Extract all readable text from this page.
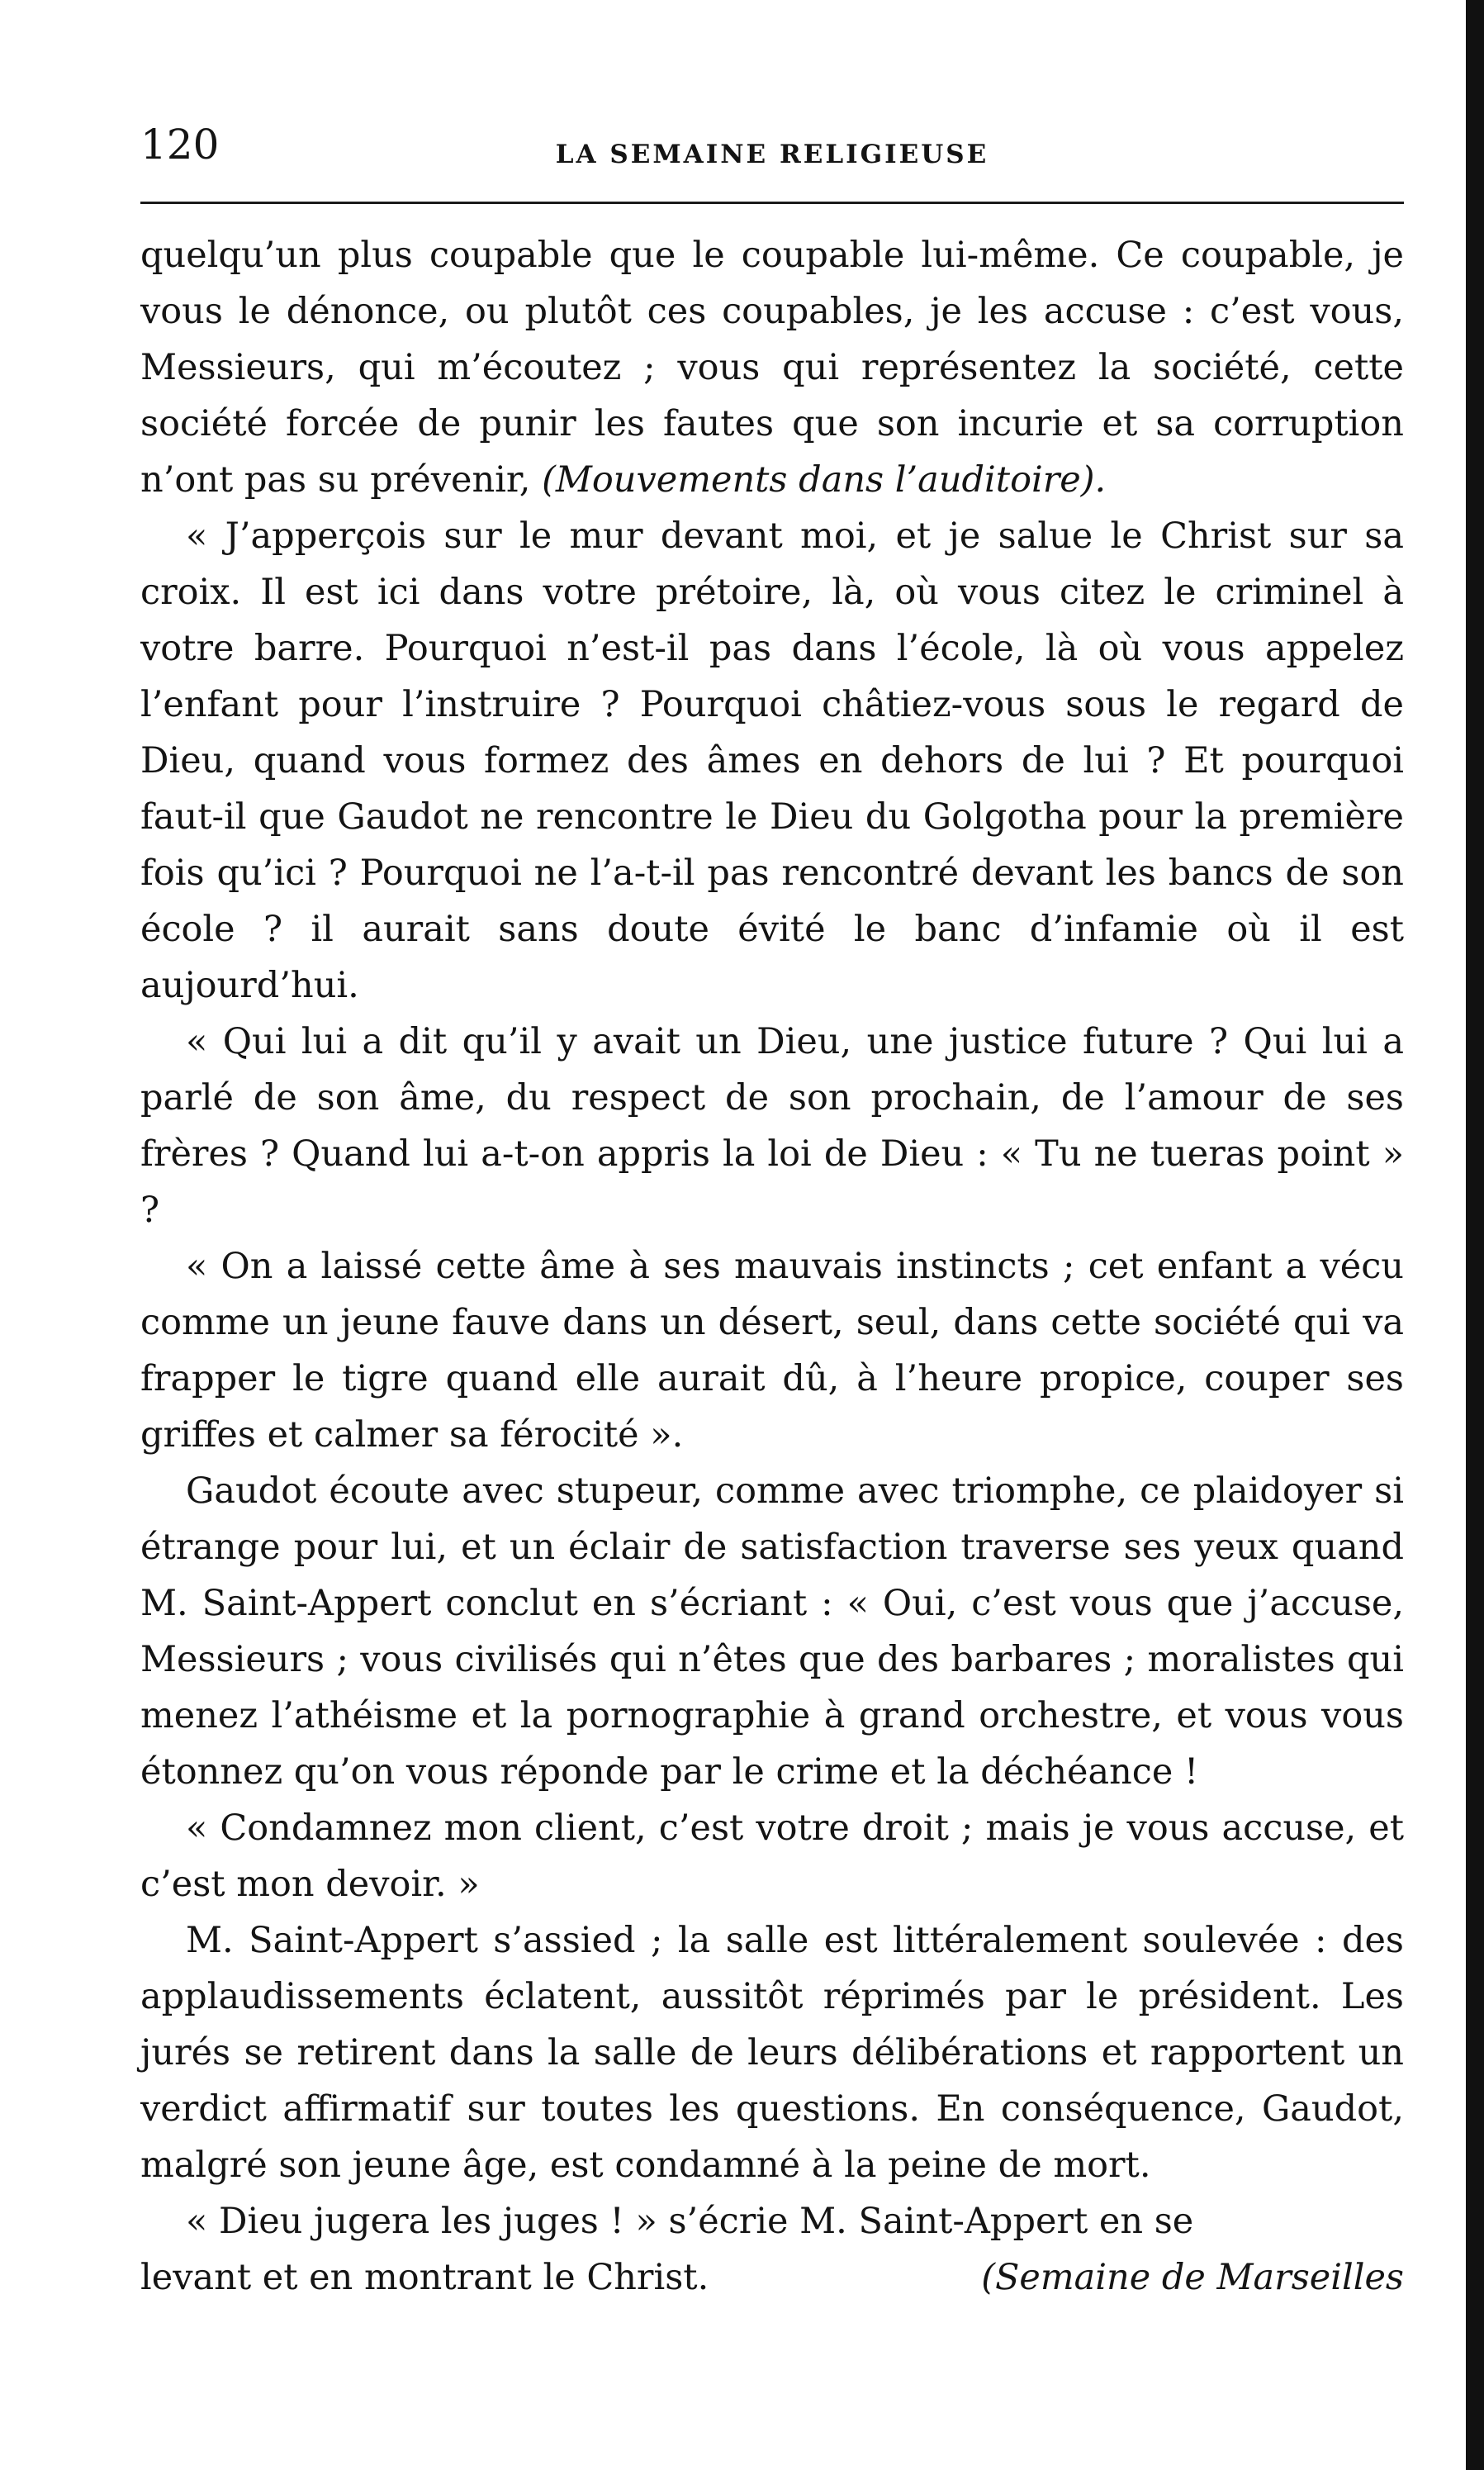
120	LA SEMAINE RELIGIEUSE

quelqu’un plus coupable que le coupable lui-même. Ce coupable, je vous le dénonce, ou plutôt ces coupables, je les accuse : c’est vous, Messieurs, qui m’écoutez ; vous qui représentez la société, cette société forcée de punir les fautes que son incurie et sa corruption n’ont pas su prévenir, (Mouvements dans l’auditoire).

« J’apperçois sur le mur devant moi, et je salue le Christ sur sa croix. Il est ici dans votre prétoire, là, où vous citez le criminel à votre barre. Pourquoi n’est-il pas dans l’école, là où vous appelez l’enfant pour l’instruire ? Pourquoi châtiez-vous sous le regard de Dieu, quand vous formez des âmes en dehors de lui ? Et pourquoi faut-il que Gaudot ne rencontre le Dieu du Golgotha pour la première fois qu’ici ? Pourquoi ne l’a-t-il pas rencontré devant les bancs de son école ? il aurait sans doute évité le banc d’infamie où il est aujourd’hui.

« Qui lui a dit qu’il y avait un Dieu, une justice future ? Qui lui a parlé de son âme, du respect de son prochain, de l’amour de ses frères ? Quand lui a-t-on appris la loi de Dieu : « Tu ne tueras point » ?

« On a laissé cette âme à ses mauvais instincts ; cet enfant a vécu comme un jeune fauve dans un désert, seul, dans cette société qui va frapper le tigre quand elle aurait dû, à l’heure propice, couper ses griffes et calmer sa férocité ».

Gaudot écoute avec stupeur, comme avec triomphe, ce plaidoyer si étrange pour lui, et un éclair de satisfaction traverse ses yeux quand M. Saint-Appert conclut en s’écriant : « Oui, c’est vous que j’accuse, Messieurs ; vous civilisés qui n’êtes que des barbares ; moralistes qui menez l’athéisme et la pornographie à grand orchestre, et vous vous étonnez qu’on vous réponde par le crime et la déchéance !

« Condamnez mon client, c’est votre droit ; mais je vous accuse, et c’est mon devoir. »

M. Saint-Appert s’assied ; la salle est littéralement soulevée : des applaudissements éclatent, aussitôt réprimés par le président. Les jurés se retirent dans la salle de leurs délibérations et rapportent un verdict affirmatif sur toutes les questions. En conséquence, Gaudot, malgré son jeune âge, est condamné à la peine de mort.

« Dieu jugera les juges ! » s’écrie M. Saint-Appert en se

levant et en montrant le Christ.	(Semaine de Marseilles
